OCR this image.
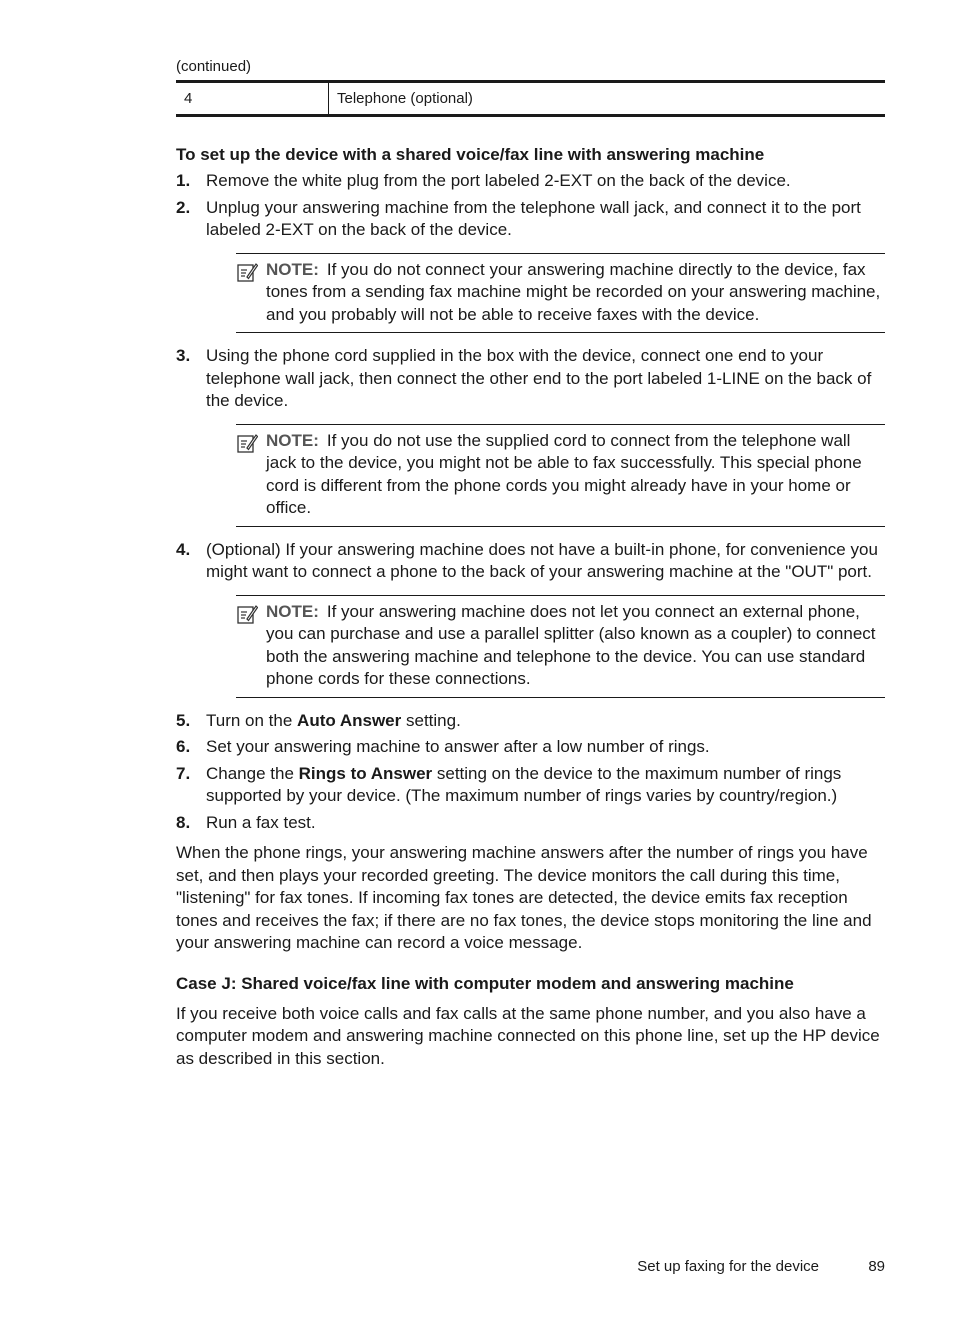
(continued)
4	Telephone (optional)
To set up the device with a shared voice/fax line with answering machine
1. Remove the white plug from the port labeled 2-EXT on the back of the device.
2. Unplug your answering machine from the telephone wall jack, and connect it to the port labeled 2-EXT on the back of the device.
NOTE: If you do not connect your answering machine directly to the device, fax tones from a sending fax machine might be recorded on your answering machine, and you probably will not be able to receive faxes with the device.
3. Using the phone cord supplied in the box with the device, connect one end to your telephone wall jack, then connect the other end to the port labeled 1-LINE on the back of the device.
NOTE: If you do not use the supplied cord to connect from the telephone wall jack to the device, you might not be able to fax successfully. This special phone cord is different from the phone cords you might already have in your home or office.
4. (Optional) If your answering machine does not have a built-in phone, for convenience you might want to connect a phone to the back of your answering machine at the "OUT" port.
NOTE: If your answering machine does not let you connect an external phone, you can purchase and use a parallel splitter (also known as a coupler) to connect both the answering machine and telephone to the device. You can use standard phone cords for these connections.
5. Turn on the Auto Answer setting.
6. Set your answering machine to answer after a low number of rings.
7. Change the Rings to Answer setting on the device to the maximum number of rings supported by your device. (The maximum number of rings varies by country/region.)
8. Run a fax test.

When the phone rings, your answering machine answers after the number of rings you have set, and then plays your recorded greeting. The device monitors the call during this time, "listening" for fax tones. If incoming fax tones are detected, the device emits fax reception tones and receives the fax; if there are no fax tones, the device stops monitoring the line and your answering machine can record a voice message.

Case J: Shared voice/fax line with computer modem and answering machine

If you receive both voice calls and fax calls at the same phone number, and you also have a computer modem and answering machine connected on this phone line, set up the HP device as described in this section.

Set up faxing for the device	89
